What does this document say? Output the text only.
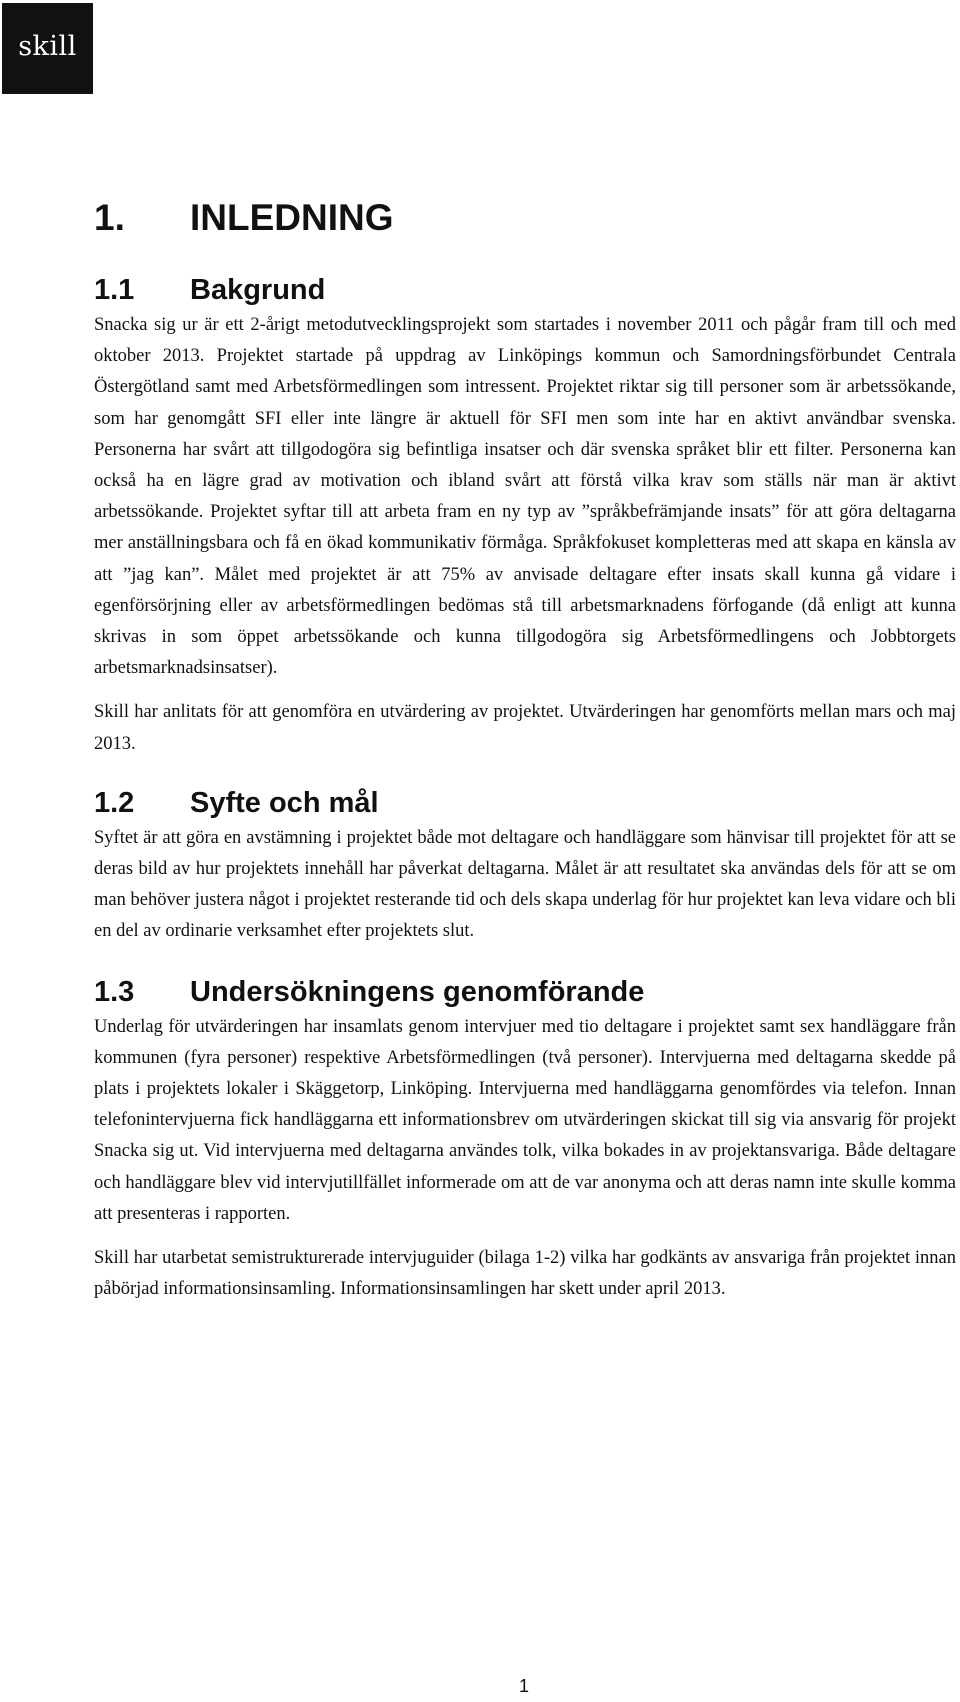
skill
1.	INLEDNING
1.1	Bakgrund

Snacka sig ur är ett 2-årigt metodutvecklingsprojekt som startades i november 2011 och pågår fram till och med oktober 2013. Projektet startade på uppdrag av Linköpings kommun och Samordningsförbundet Centrala Östergötland samt med Arbetsförmedlingen som intressent. Projektet riktar sig till personer som är arbetssökande, som har genomgått SFI eller inte längre är aktuell för SFI men som inte har en aktivt användbar svenska. Personerna har svårt att tillgodogöra sig befintliga insatser och där svenska språket blir ett filter. Personerna kan också ha en lägre grad av motivation och ibland svårt att förstå vilka krav som ställs när man är aktivt arbetssökande. Projektet syftar till att arbeta fram en ny typ av ”språkbefrämjande insats” för att göra deltagarna mer anställningsbara och få en ökad kommunikativ förmåga. Språkfokuset kompletteras med att skapa en känsla av att ”jag kan”. Målet med projektet är att 75% av anvisade deltagare efter insats skall kunna gå vidare i egenförsörjning eller av arbetsförmedlingen bedömas stå till arbetsmarknadens förfogande (då enligt att kunna skrivas in som öppet arbetssökande och kunna tillgodogöra sig Arbetsförmedlingens och Jobbtorgets arbetsmarknadsinsatser).

Skill har anlitats för att genomföra en utvärdering av projektet. Utvärderingen har genomförts mellan mars och maj 2013.

1.2	Syfte och mål

Syftet är att göra en avstämning i projektet både mot deltagare och handläggare som hänvisar till projektet för att se deras bild av hur projektets innehåll har påverkat deltagarna. Målet är att resultatet ska användas dels för att se om man behöver justera något i projektet resterande tid och dels skapa underlag för hur projektet kan leva vidare och bli en del av ordinarie verksamhet efter projektets slut.

1.3	Undersökningens genomförande

Underlag för utvärderingen har insamlats genom intervjuer med tio deltagare i projektet samt sex handläggare från kommunen (fyra personer) respektive Arbetsförmedlingen (två personer). Intervjuerna med deltagarna skedde på plats i projektets lokaler i Skäggetorp, Linköping. Intervjuerna med handläggarna genomfördes via telefon. Innan telefonintervjuerna fick handläggarna ett informationsbrev om utvärderingen skickat till sig via ansvarig för projekt Snacka sig ut. Vid intervjuerna med deltagarna användes tolk, vilka bokades in av projektansvariga. Både deltagare och handläggare blev vid intervjutillfället informerade om att de var anonyma och att deras namn inte skulle komma att presenteras i rapporten.

Skill har utarbetat semistrukturerade intervjuguider (bilaga 1-2) vilka har godkänts av ansvariga från projektet innan påbörjad informationsinsamling. Informationsinsamlingen har skett under april 2013.

1
